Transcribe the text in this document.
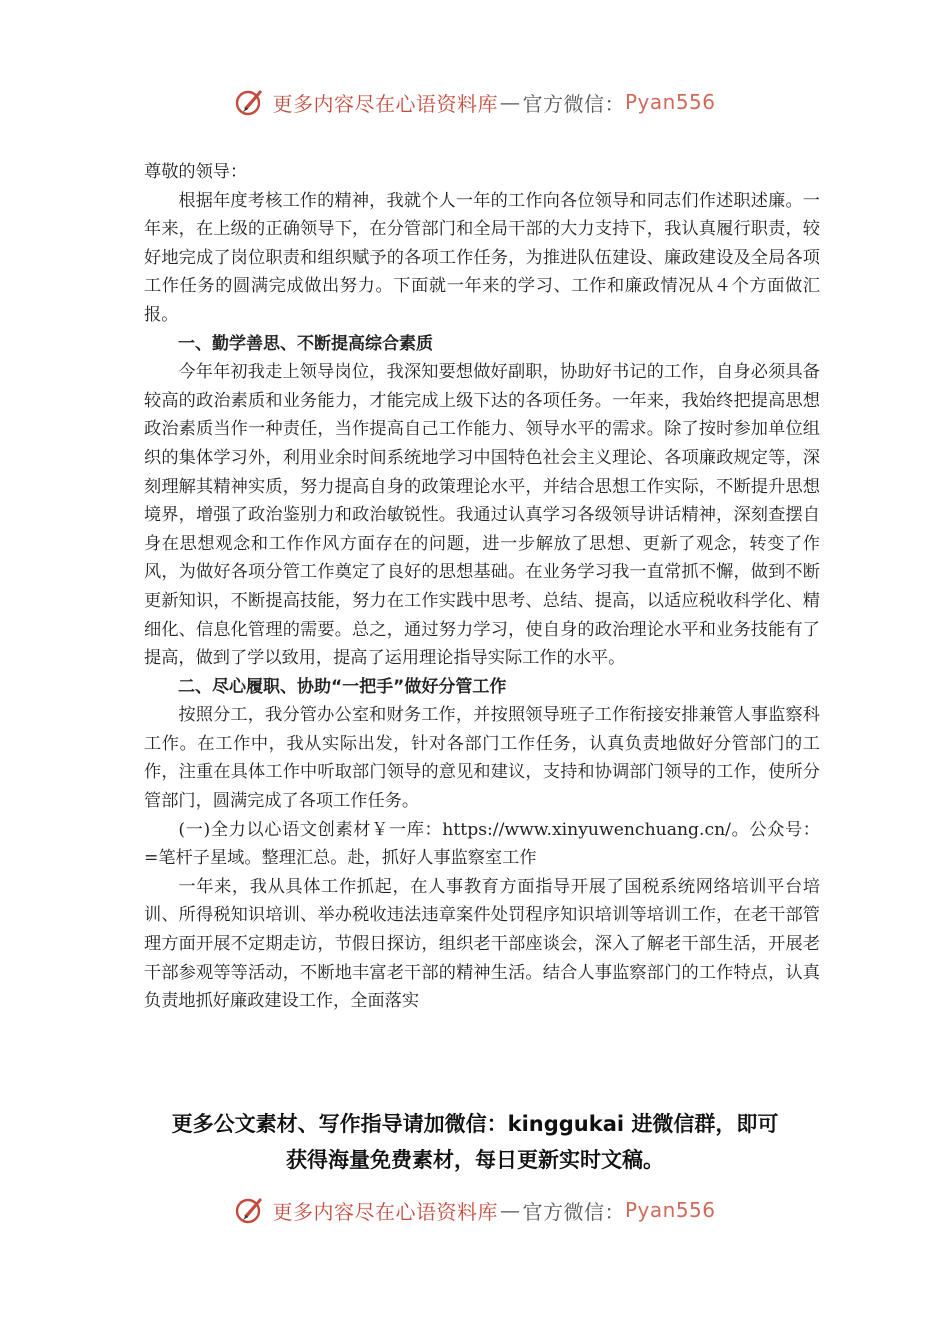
更多内容尽在心语资料库 — 官方微信： Pyan556

尊敬的领导：

根据年度考核工作的精神，我就个人一年的工作向各位领导和同志们作述职述廉。一年来，在上级的正确领导下，在分管部门和全局干部的大力支持下，我认真履行职责，较好地完成了岗位职责和组织赋予的各项工作任务，为推进队伍建设、廉政建设及全局各项工作任务的圆满完成做出努力。下面就一年来的学习、工作和廉政情况从４个方面做汇报。

一、勤学善思、不断提高综合素质

今年年初我走上领导岗位，我深知要想做好副职，协助好书记的工作，自身必须具备较高的政治素质和业务能力，才能完成上级下达的各项任务。一年来，我始终把提高思想政治素质当作一种责任，当作提高自己工作能力、领导水平的需求。除了按时参加单位组织的集体学习外，利用业余时间系统地学习中国特色社会主义理论、各项廉政规定等，深刻理解其精神实质，努力提高自身的政策理论水平，并结合思想工作实际，不断提升思想境界，增强了政治鉴别力和政治敏锐性。我通过认真学习各级领导讲话精神，深刻查摆自身在思想观念和工作作风方面存在的问题，进一步解放了思想、更新了观念，转变了作风，为做好各项分管工作奠定了良好的思想基础。在业务学习我一直常抓不懈，做到不断更新知识，不断提高技能，努力在工作实践中思考、总结、提高，以适应税收科学化、精细化、信息化管理的需要。总之，通过努力学习，使自身的政治理论水平和业务技能有了提高，做到了学以致用，提高了运用理论指导实际工作的水平。

二、尽心履职、协助“一把手”做好分管工作

按照分工，我分管办公室和财务工作，并按照领导班子工作衔接安排兼管人事监察科工作。在工作中，我从实际出发，针对各部门工作任务，认真负责地做好分管部门的工作，注重在具体工作中听取部门领导的意见和建议，支持和协调部门领导的工作，使所分管部门，圆满完成了各项工作任务。

(一)全力以心语文创素材￥一库：https://www.xinyuwenchuang.cn/。公众号：=笔杆子星域。整理汇总。赴，抓好人事监察室工作

一年来，我从具体工作抓起，在人事教育方面指导开展了国税系统网络培训平台培训、所得税知识培训、举办税收违法违章案件处罚程序知识培训等培训工作，在老干部管理方面开展不定期走访，节假日探访，组织老干部座谈会，深入了解老干部生活，开展老干部参观等等活动，不断地丰富老干部的精神生活。结合人事监察部门的工作特点，认真负责地抓好廉政建设工作，全面落实

更多公文素材、写作指导请加微信：kinggukai 进微信群，即可
获得海量免费素材，每日更新实时文稿。
更多内容尽在心语资料库 — 官方微信： Pyan556
